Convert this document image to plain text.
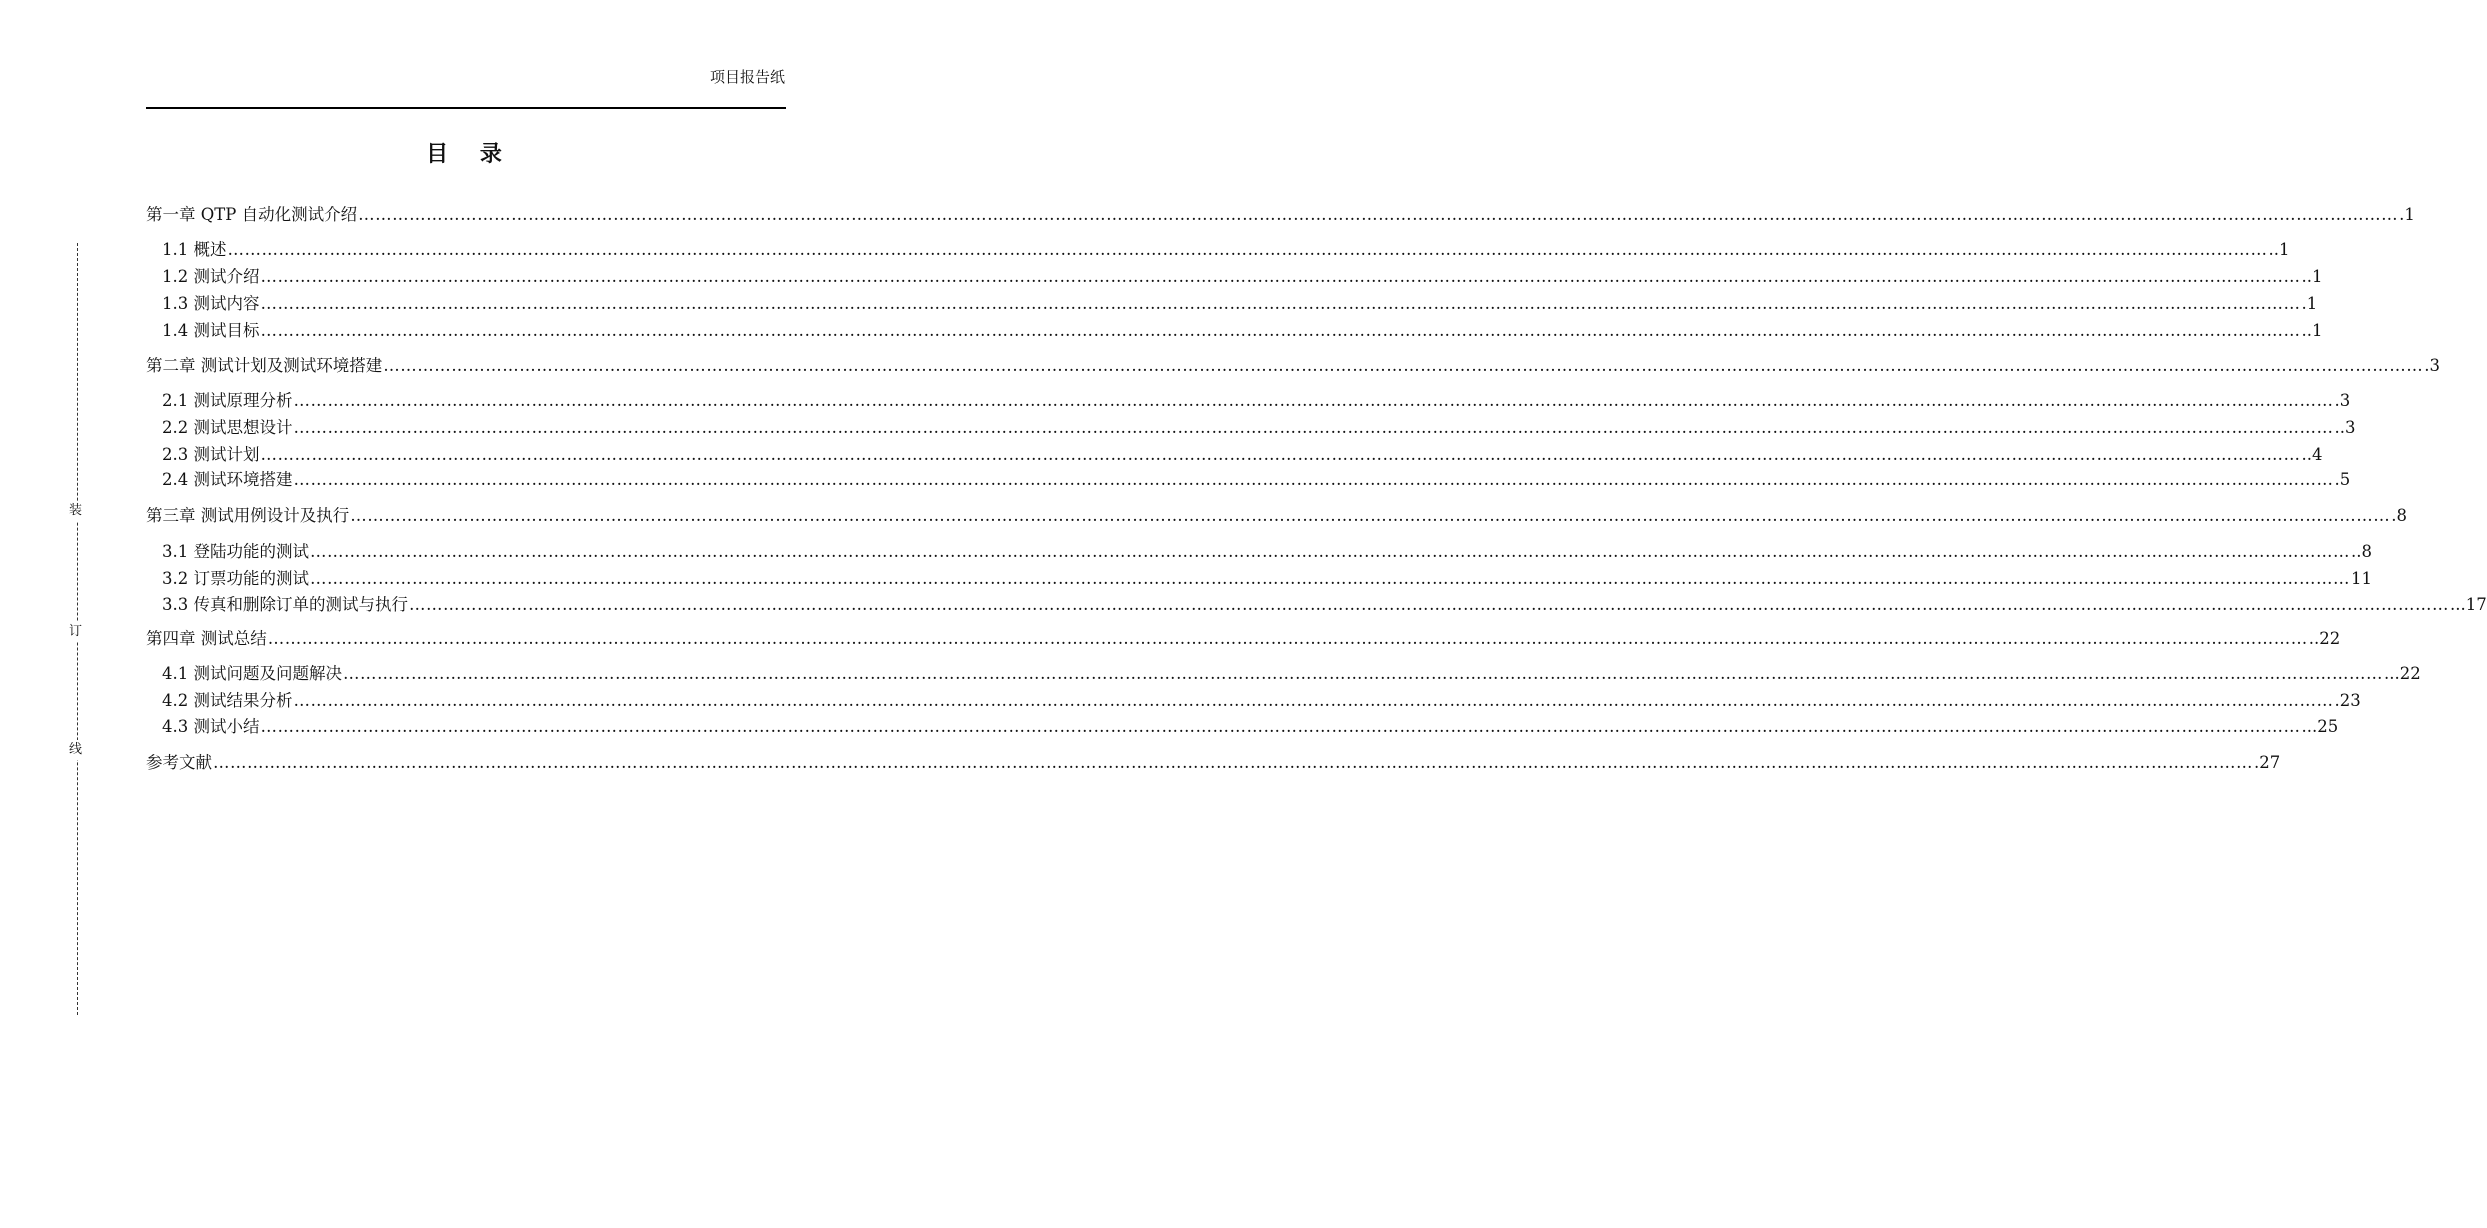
项目报告纸
目 录
装
订
线
第一章 QTP 自动化测试介绍 ……………………………………………………………………………………………………………………………………………………………………………………………………………………………………………………………………………………………………………………………… .1
1.1 概述 ……………………………………………………………………………………………………………………………………………………………………………………………………………………………………………………………………………………………………………………………… ..1
1.2 测试介绍 ……………………………………………………………………………………………………………………………………………………………………………………………………………………………………………………………………………………………………………………………… ..1
1.3 测试内容 ……………………………………………………………………………………………………………………………………………………………………………………………………………………………………………………………………………………………………………………………… .1
1.4 测试目标 ……………………………………………………………………………………………………………………………………………………………………………………………………………………………………………………………………………………………………………………………… ..1
第二章 测试计划及测试环境搭建 ……………………………………………………………………………………………………………………………………………………………………………………………………………………………………………………………………………………………………………………………… .3
2.1 测试原理分析 ……………………………………………………………………………………………………………………………………………………………………………………………………………………………………………………………………………………………………………………………… .3
2.2 测试思想设计 ……………………………………………………………………………………………………………………………………………………………………………………………………………………………………………………………………………………………………………………………… ..3
2.3 测试计划 ……………………………………………………………………………………………………………………………………………………………………………………………………………………………………………………………………………………………………………………………… ..4
2.4 测试环境搭建 ……………………………………………………………………………………………………………………………………………………………………………………………………………………………………………………………………………………………………………………………… .5
第三章 测试用例设计及执行 ……………………………………………………………………………………………………………………………………………………………………………………………………………………………………………………………………………………………………………………………… .8
3.1 登陆功能的测试 ……………………………………………………………………………………………………………………………………………………………………………………………………………………………………………………………………………………………………………………………… ..8
3.2 订票功能的测试 ……………………………………………………………………………………………………………………………………………………………………………………………………………………………………………………………………………………………………………………………… 11
3.3 传真和删除订单的测试与执行 ……………………………………………………………………………………………………………………………………………………………………………………………………………………………………………………………………………………………………………………………… ...17
第四章 测试总结 ……………………………………………………………………………………………………………………………………………………………………………………………………………………………………………………………………………………………………………………………… ..22
4.1 测试问题及问题解决 ……………………………………………………………………………………………………………………………………………………………………………………………………………………………………………………………………………………………………………………………… ...22
4.2 测试结果分析 ……………………………………………………………………………………………………………………………………………………………………………………………………………………………………………………………………………………………………………………………… .23
4.3 测试小结 ……………………………………………………………………………………………………………………………………………………………………………………………………………………………………………………………………………………………………………………………… ...25
参考文献 ……………………………………………………………………………………………………………………………………………………………………………………………………………………………………………………………………………………………………………………………… .27
